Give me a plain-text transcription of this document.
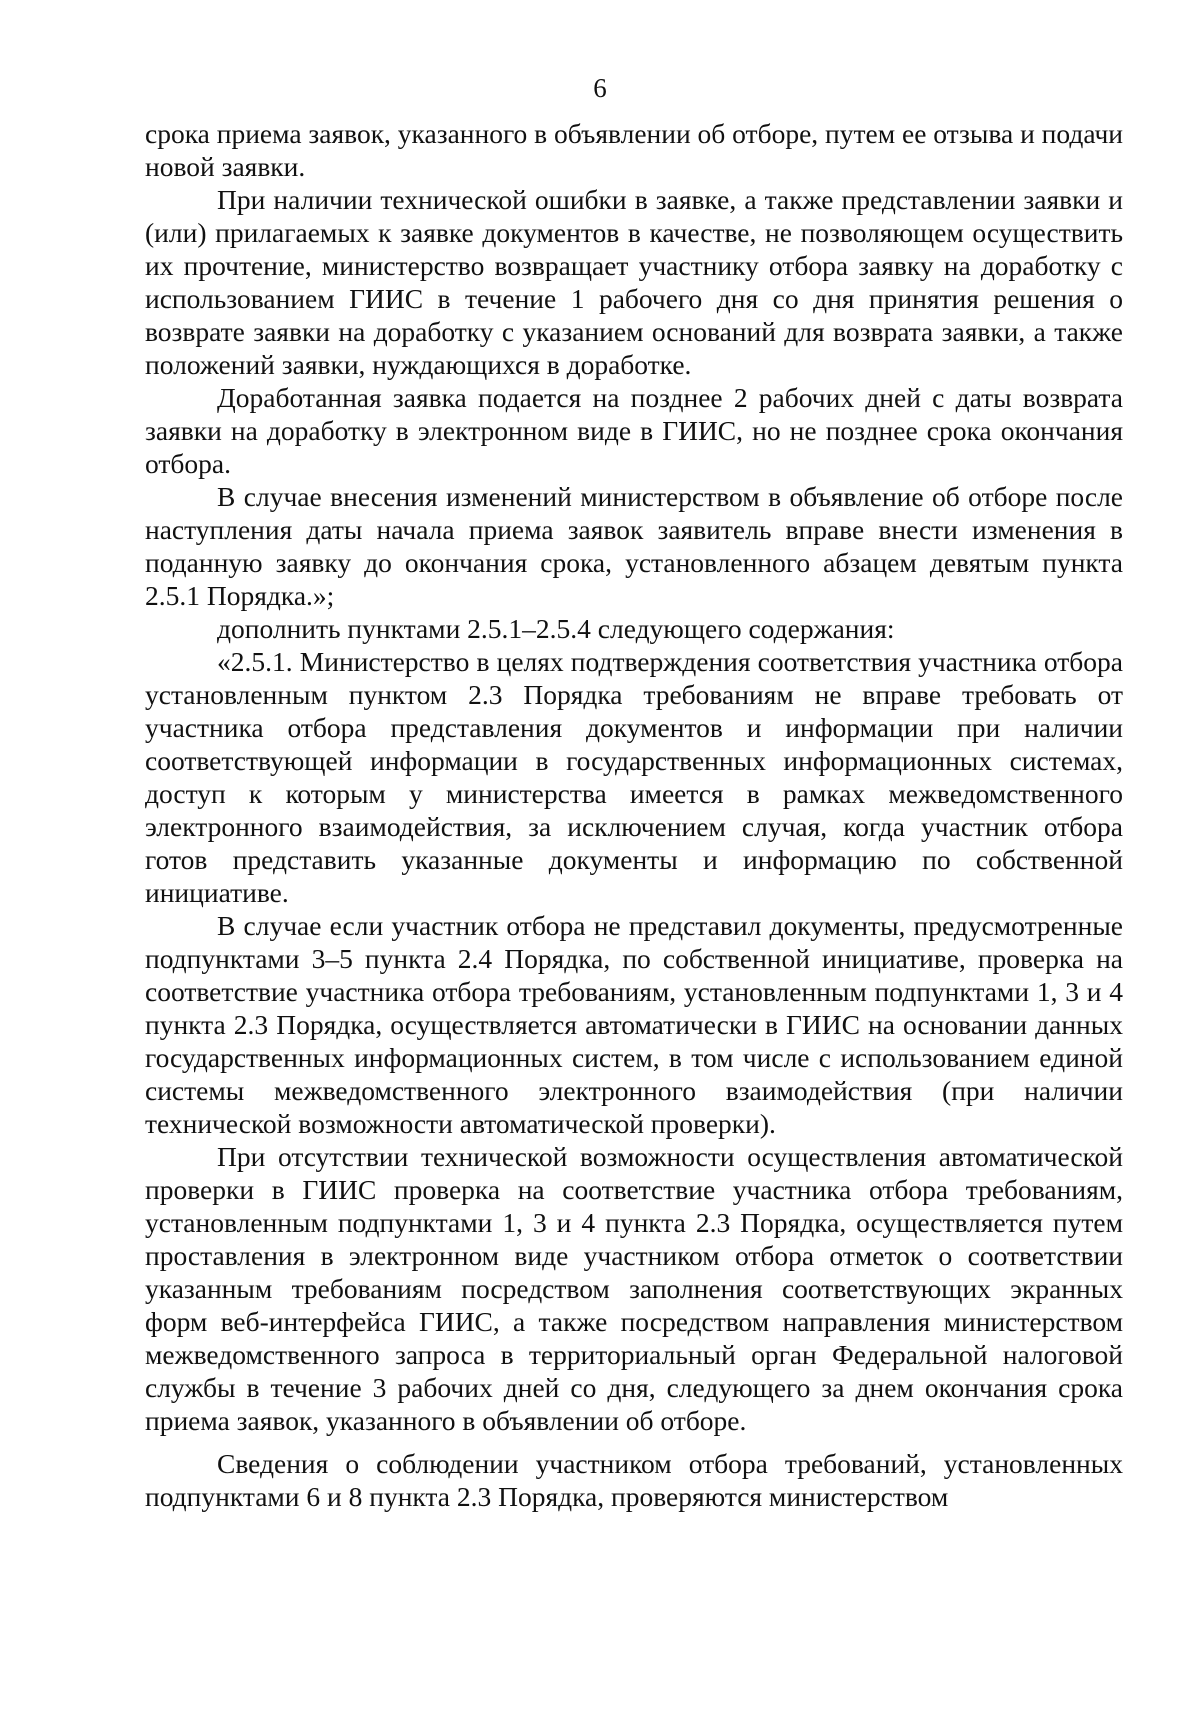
6

срока приема заявок, указанного в объявлении об отборе, путем ее отзыва и подачи новой заявки.

При наличии технической ошибки в заявке, а также представлении заявки и (или) прилагаемых к заявке документов в качестве, не позволяющем осуществить их прочтение, министерство возвращает участнику отбора заявку на доработку с использованием ГИИС в течение 1 рабочего дня со дня принятия решения о возврате заявки на доработку с указанием оснований для возврата заявки, а также положений заявки, нуждающихся в доработке.

Доработанная заявка подается на позднее 2 рабочих дней с даты возврата заявки на доработку в электронном виде в ГИИС, но не позднее срока окончания отбора.

В случае внесения изменений министерством в объявление об отборе после наступления даты начала приема заявок заявитель вправе внести изменения в поданную заявку до окончания срока, установленного абзацем девятым пункта 2.5.1 Порядка.»;

дополнить пунктами 2.5.1–2.5.4 следующего содержания:

«2.5.1. Министерство в целях подтверждения соответствия участника отбора установленным пунктом 2.3 Порядка требованиям не вправе требовать от участника отбора представления документов и информации при наличии соответствующей информации в государственных информационных системах, доступ к которым у министерства имеется в рамках межведомственного электронного взаимодействия, за исключением случая, когда участник отбора готов представить указанные документы и информацию по собственной инициативе.

В случае если участник отбора не представил документы, предусмотренные подпунктами 3–5 пункта 2.4 Порядка, по собственной инициативе, проверка на соответствие участника отбора требованиям, установленным подпунктами 1, 3 и 4 пункта 2.3 Порядка, осуществляется автоматически в ГИИС на основании данных государственных информационных систем, в том числе с использованием единой системы межведомственного электронного взаимодействия (при наличии технической возможности автоматической проверки).

При отсутствии технической возможности осуществления автоматической проверки в ГИИС проверка на соответствие участника отбора требованиям, установленным подпунктами 1, 3 и 4 пункта 2.3 Порядка, осуществляется путем проставления в электронном виде участником отбора отметок о соответствии указанным требованиям посредством заполнения соответствующих экранных форм веб-интерфейса ГИИС, а также посредством направления министерством межведомственного запроса в территориальный орган Федеральной налоговой службы в течение 3 рабочих дней со дня, следующего за днем окончания срока приема заявок, указанного в объявлении об отборе.

Сведения о соблюдении участником отбора требований, установленных подпунктами 6 и 8 пункта 2.3 Порядка, проверяются министерством
